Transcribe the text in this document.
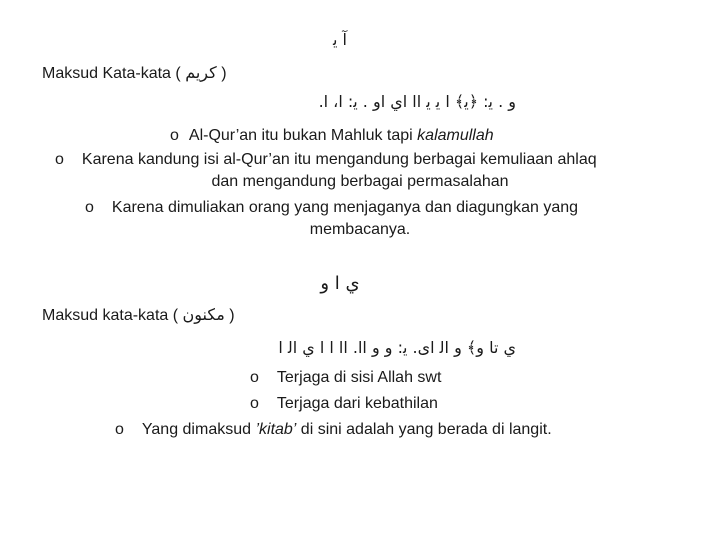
آ ﻳ
Maksud Kata-kata ( ﻛﺮﻳﻢ )
ﻭ . ﻳ: ﴿ﻳ﴾ ﺍ ﻳ ﻳ ﺍﺍ ﺍﻱ ﺍﻭ . ﻳ: ﺍ، ﺍ.
o Al-Qur’an itu bukan Mahluk tapi kalamullah
o Karena kandung isi al-Qur’an itu mengandung berbagai kemuliaan ahlaq
dan mengandung berbagai permasalahan
o Karena dimuliakan orang yang menjaganya dan diagungkan yang
membacanya.
ﻱ ﺍ ﻭ
Maksud kata-kata ( ﻣﻜﻨﻮﻥ )
ﻱ ﺗﺎ ﻭ﴾ ﻭ ﺍﻟ ﺍﻯ. ﻳ: ﻭ ﻭ ﺍﺍ. ﺍﺍ ﺍ ﺍ ﻱ ﺍﻟ ﺍ
o Terjaga di sisi Allah swt
o Terjaga dari kebathilan
o Yang dimaksud ’kitab’ di sini adalah yang berada di langit.
